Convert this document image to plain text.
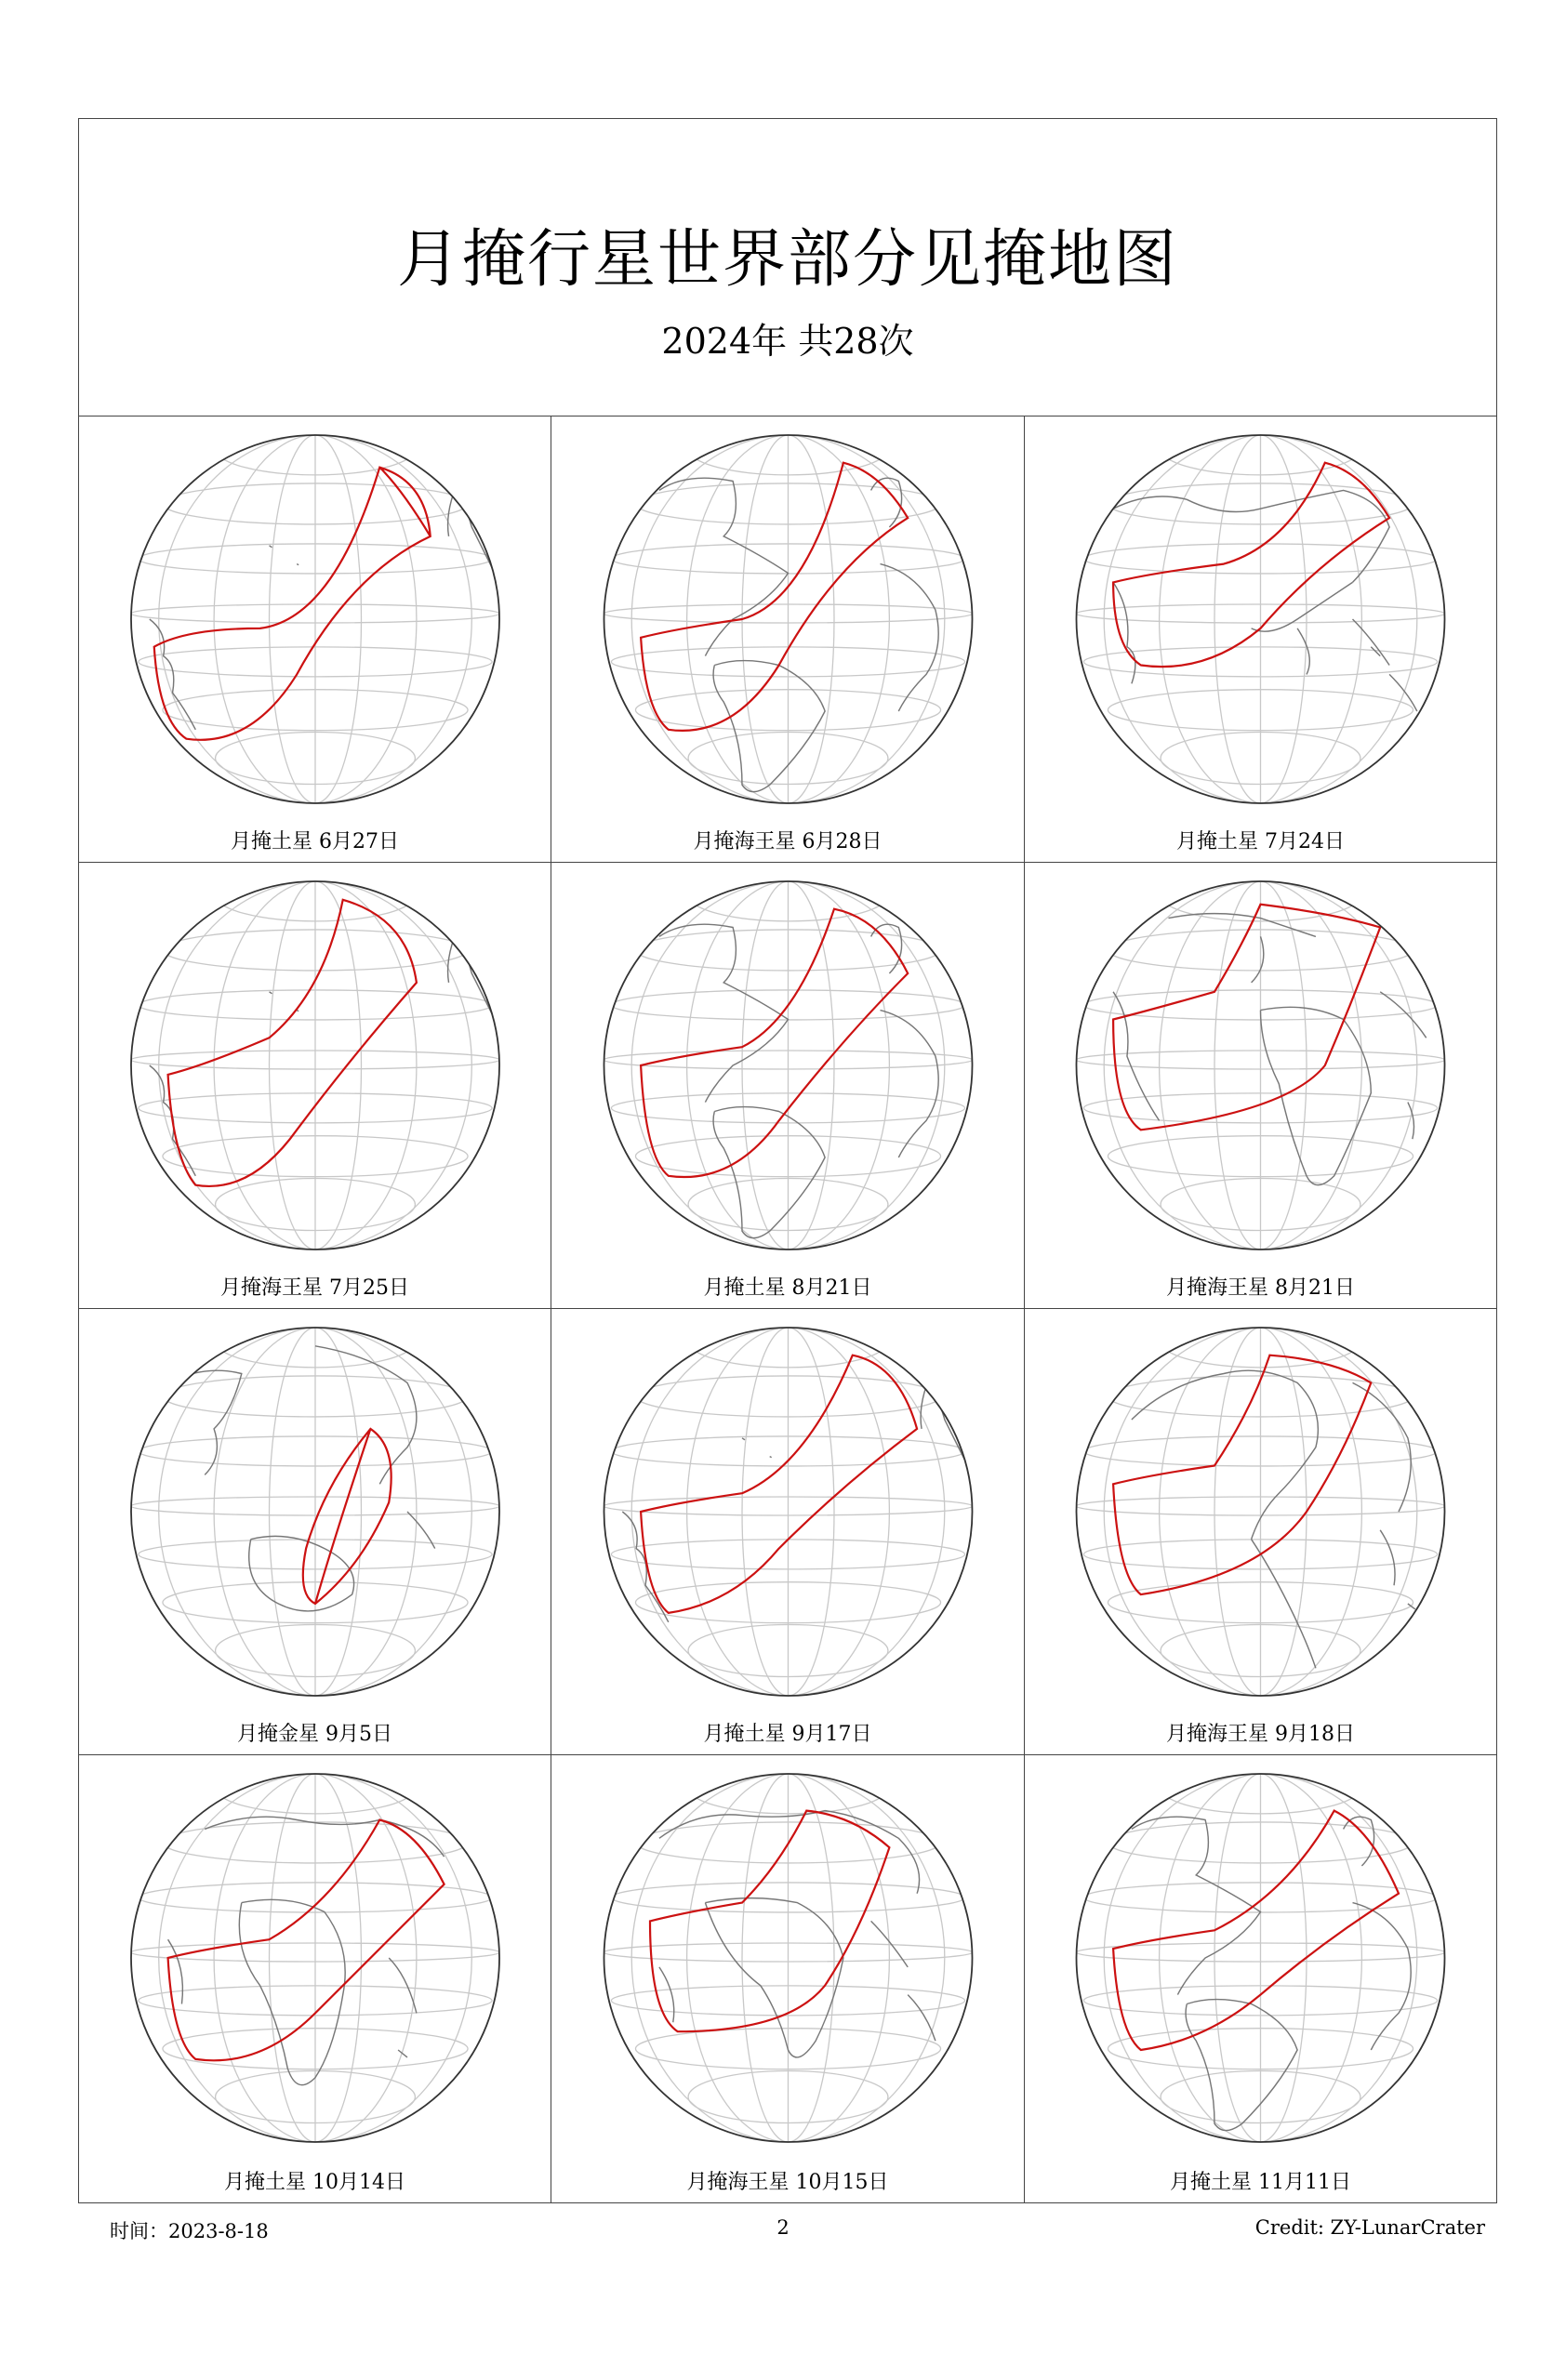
月掩行星世界部分见掩地图
2024年 共28次
月掩土星 6月27日	月掩海王星 6月28日	月掩土星 7月24日
月掩海王星 7月25日	月掩土星 8月21日	月掩海王星 8月21日
月掩金星 9月5日	月掩土星 9月17日	月掩海王星 9月18日
月掩土星 10月14日	月掩海王星 10月15日	月掩土星 11月11日
时间：2023-8-18	2	Credit: ZY-LunarCrater
